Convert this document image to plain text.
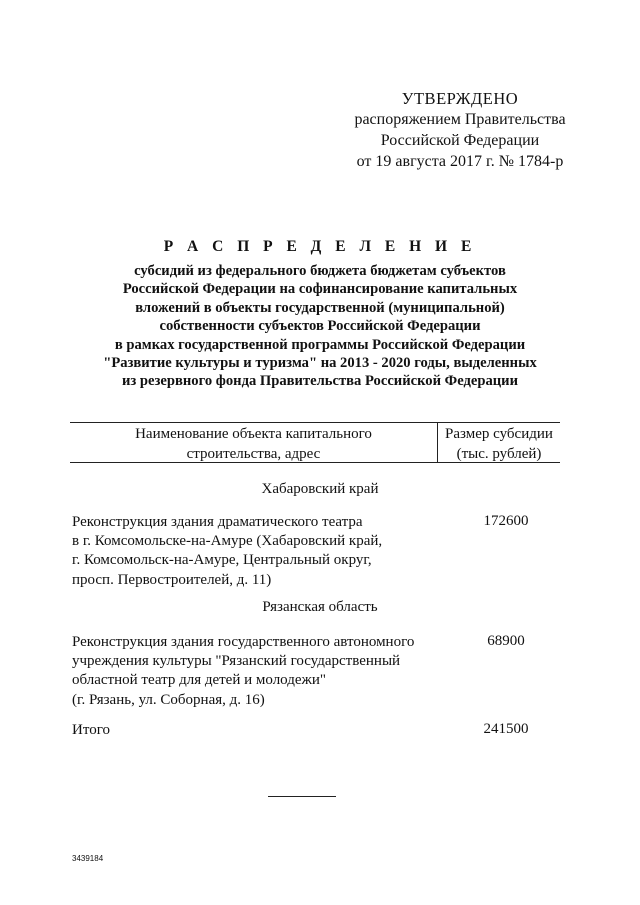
УТВЕРЖДЕНО
распоряжением Правительства
Российской Федерации
от 19 августа 2017 г. № 1784-р
Р А С П Р Е Д Е Л Е Н И Е
субсидий из федерального бюджета бюджетам субъектов
Российской Федерации на софинансирование капитальных
вложений в объекты государственной (муниципальной)
собственности субъектов Российской Федерации
в рамках государственной программы Российской Федерации
"Развитие культуры и туризма" на 2013 - 2020 годы, выделенных
из резервного фонда Правительства Российской Федерации
Наименование объекта капитального
строительства, адрес
Размер субсидии
(тыс. рублей)
Хабаровский край
Реконструкция здания драматического театра
в г. Комсомольске-на-Амуре (Хабаровский край,
г. Комсомольск-на-Амуре, Центральный округ,
просп. Первостроителей, д. 11)
172600
Рязанская область
Реконструкция здания государственного автономного
учреждения культуры "Рязанский государственный
областной театр для детей и молодежи"
(г. Рязань, ул. Соборная, д. 16)
68900
Итого	241500
3439184
